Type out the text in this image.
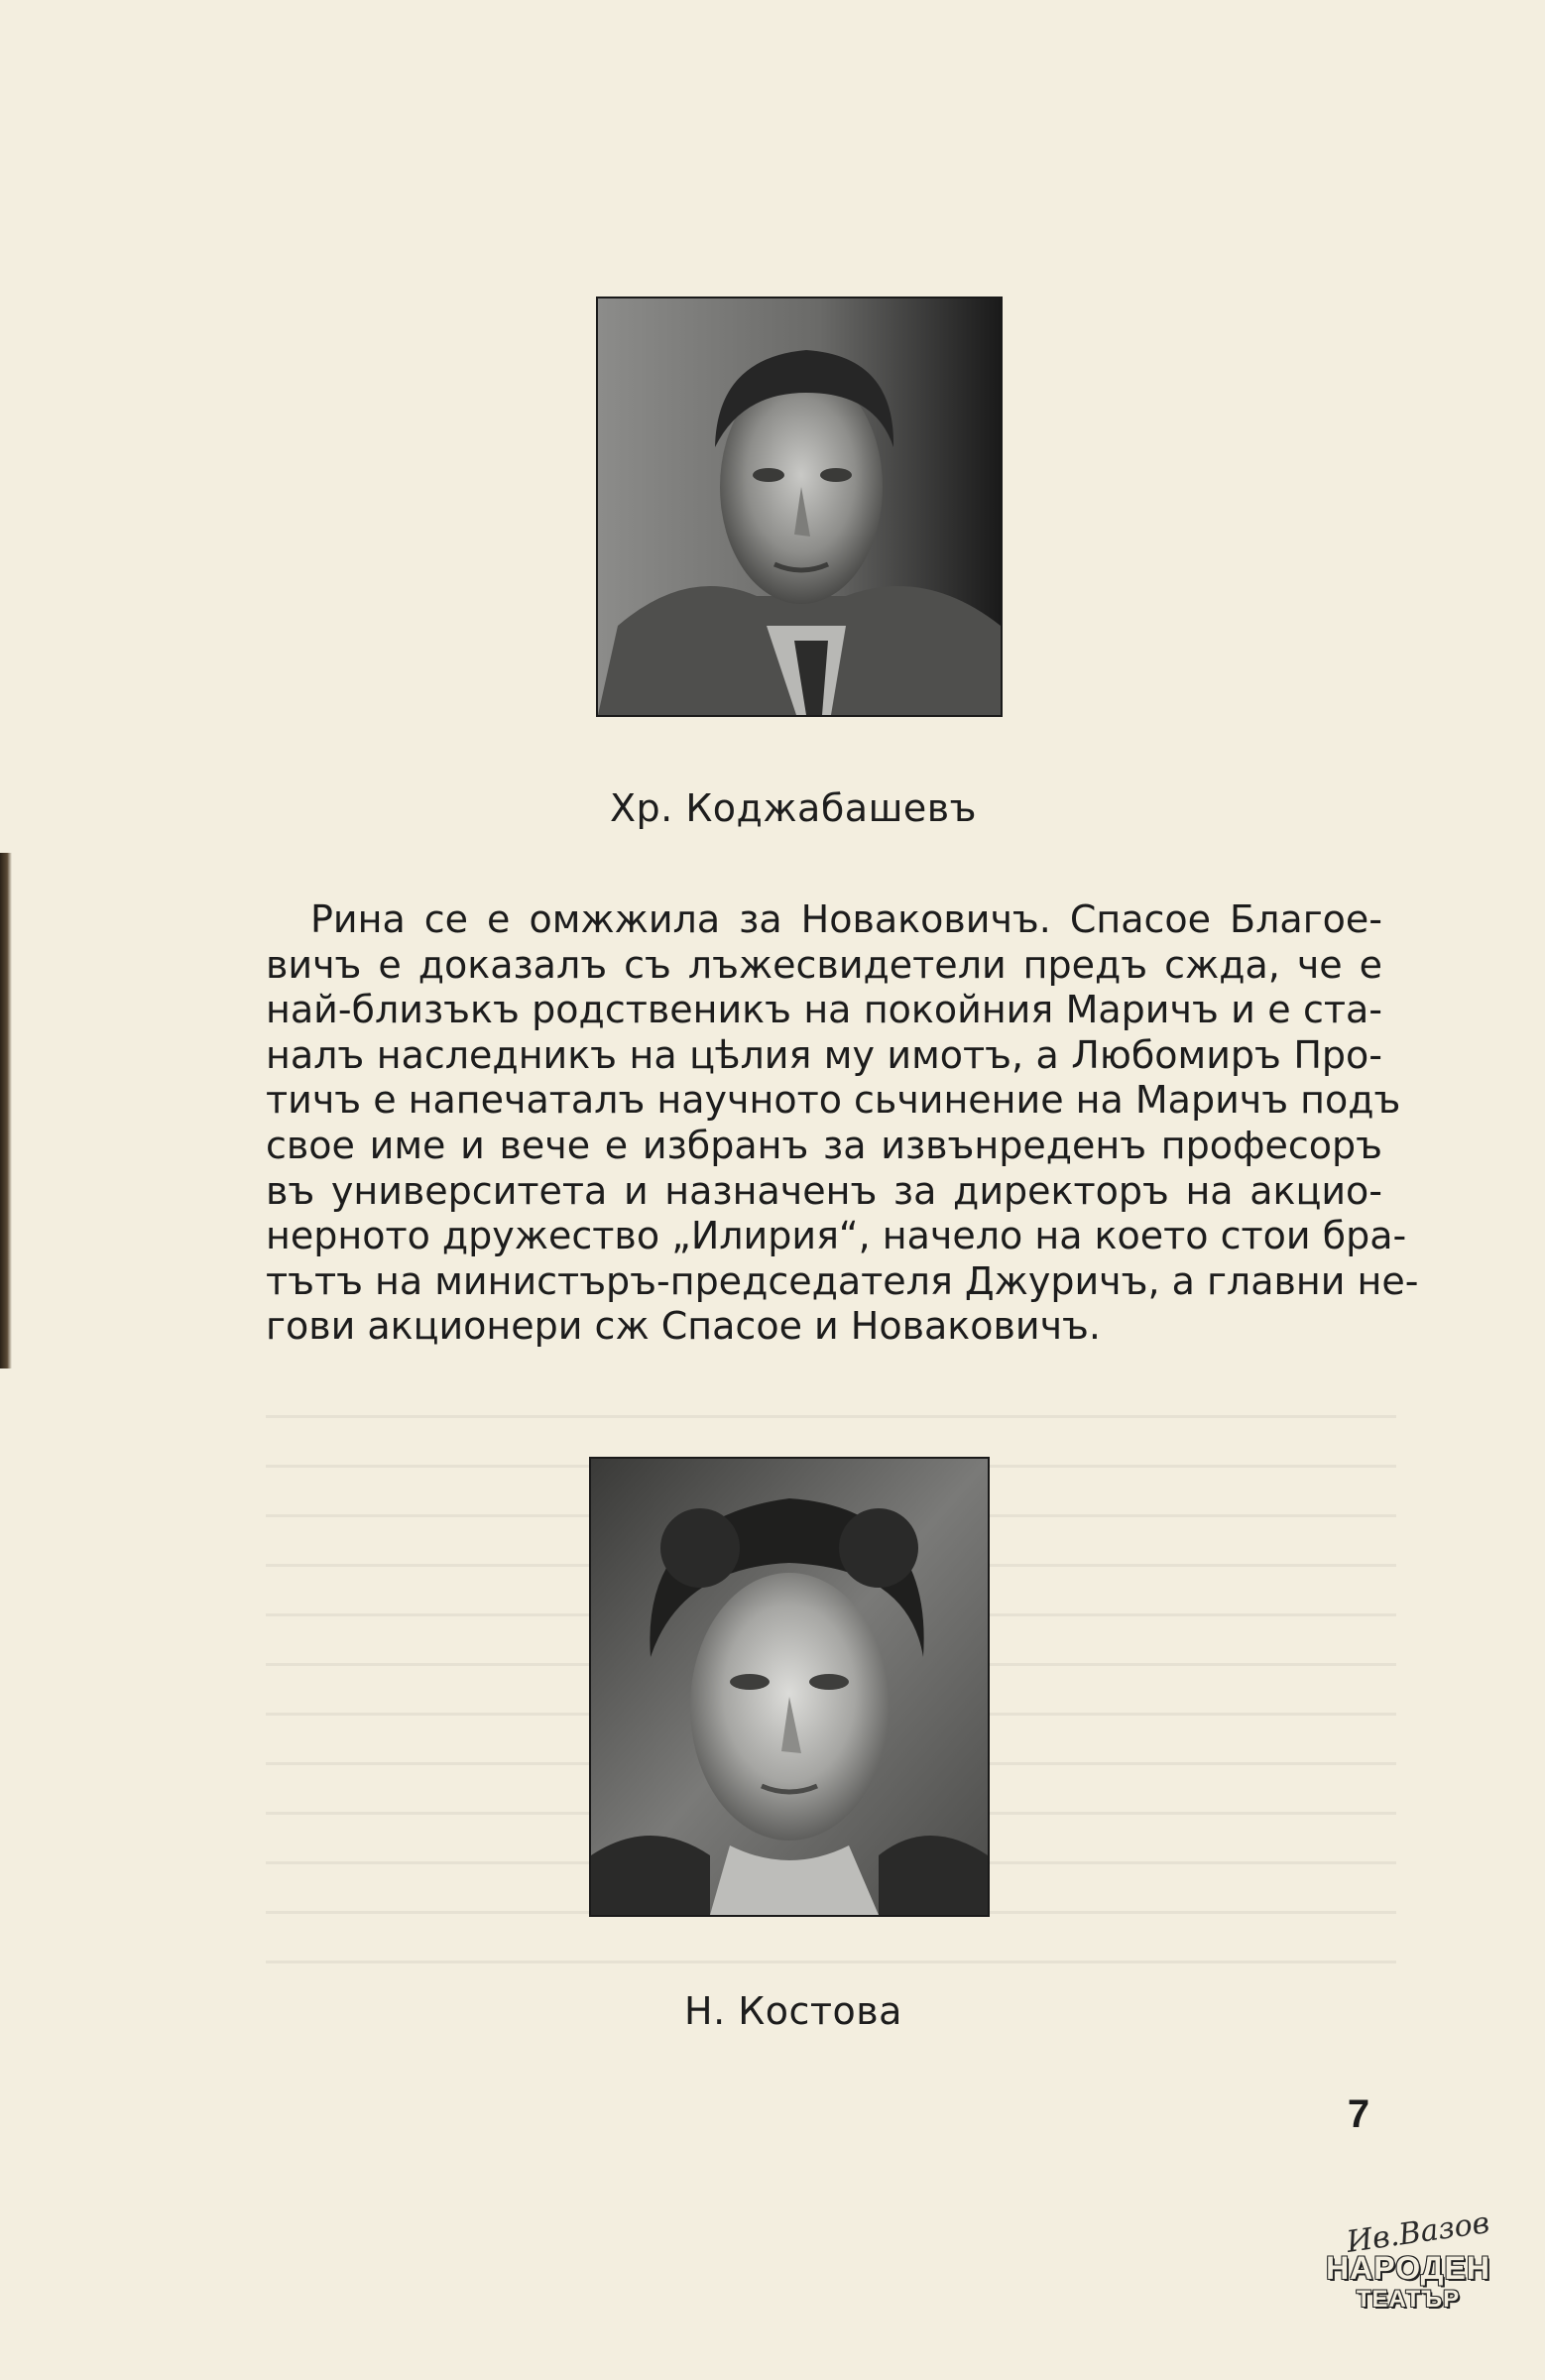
Хр. Коджабашевъ
Рина се е омжжила за Новаковичъ. Спасое Благое-
вичъ е доказалъ съ лъжесвидетели предъ сжда, че е
най-близъкъ родственикъ на покойния Маричъ и е ста-
налъ наследникъ на цѣлия му имотъ, а Любомиръ Про-
тичъ е напечаталъ научното сьчинение на Маричъ подъ
свое име и вече е избранъ за извънреденъ професоръ
въ университета и назначенъ за директоръ на акцио-
нерното дружество „Илирия“, начело на което стои бра-
тътъ на министъръ-председателя Джуричъ, а главни не-
гови акционери сж Спасое и Новаковичъ.
Н. Костова
7
Ив.Вазов
НАРОДЕН
ТЕАТЪР
